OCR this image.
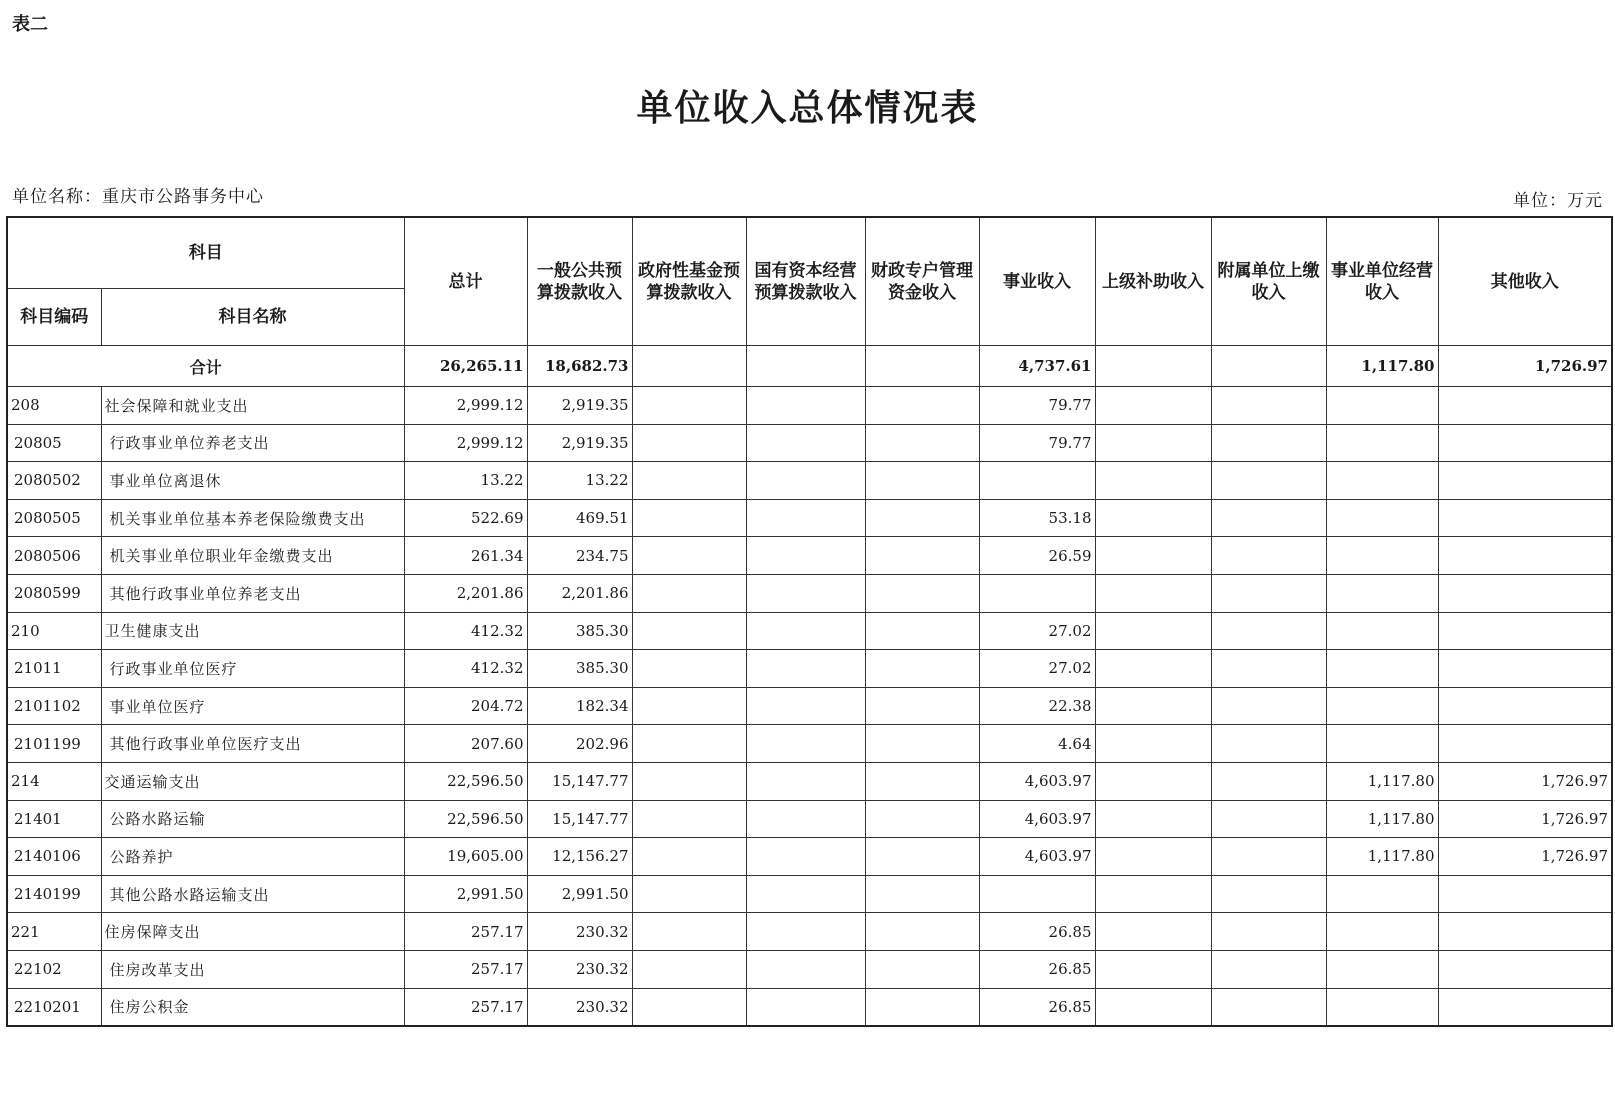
表二
单位收入总体情况表
单位名称：重庆市公路事务中心	单位：万元
科目		总计	一般公共预算拨款收入	政府性基金预算拨款收入	国有资本经营预算拨款收入	财政专户管理资金收入	事业收入	上级补助收入	附属单位上缴收入	事业单位经营收入	其他收入
科目编码	科目名称										
合计		26,265.11	18,682.73				4,737.61			1,117.80	1,726.97
208	社会保障和就业支出	2,999.12	2,919.35				79.77				
20805	行政事业单位养老支出	2,999.12	2,919.35				79.77				
2080502	事业单位离退休	13.22	13.22								
2080505	机关事业单位基本养老保险缴费支出	522.69	469.51				53.18				
2080506	机关事业单位职业年金缴费支出	261.34	234.75				26.59				
2080599	其他行政事业单位养老支出	2,201.86	2,201.86								
210	卫生健康支出	412.32	385.30				27.02				
21011	行政事业单位医疗	412.32	385.30				27.02				
2101102	事业单位医疗	204.72	182.34				22.38				
2101199	其他行政事业单位医疗支出	207.60	202.96				4.64				
214	交通运输支出	22,596.50	15,147.77				4,603.97			1,117.80	1,726.97
21401	公路水路运输	22,596.50	15,147.77				4,603.97			1,117.80	1,726.97
2140106	公路养护	19,605.00	12,156.27				4,603.97			1,117.80	1,726.97
2140199	其他公路水路运输支出	2,991.50	2,991.50								
221	住房保障支出	257.17	230.32				26.85				
22102	住房改革支出	257.17	230.32				26.85				
2210201	住房公积金	257.17	230.32				26.85				
